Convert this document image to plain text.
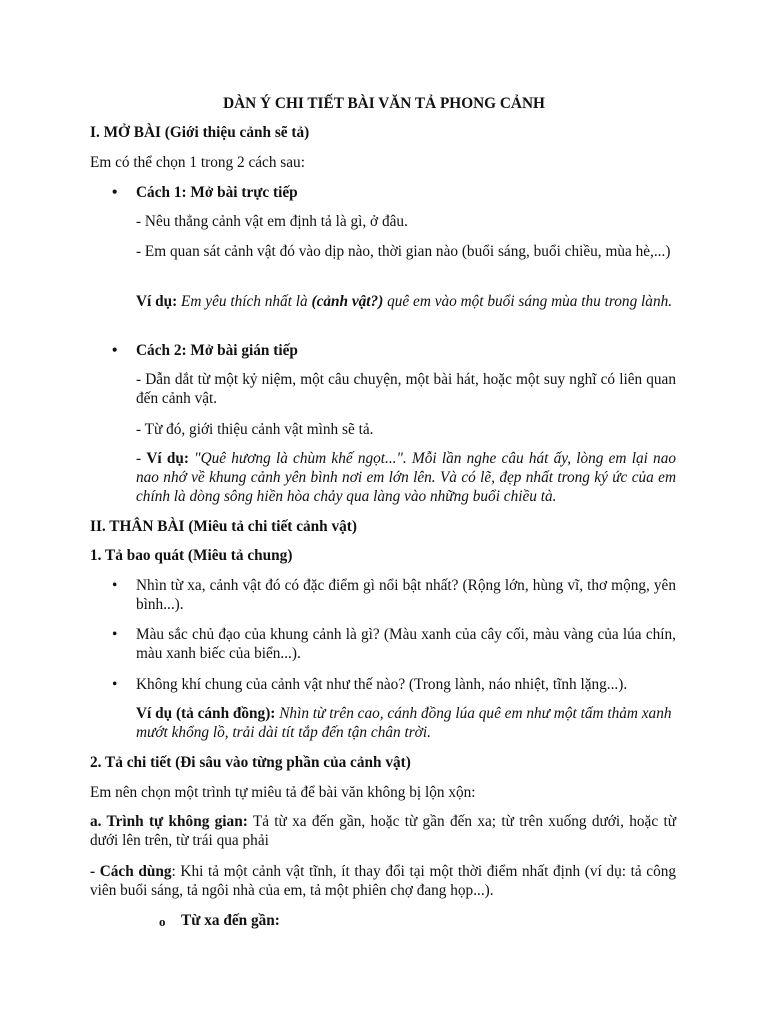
DÀN Ý CHI TIẾT BÀI VĂN TẢ PHONG CẢNH

I. MỞ BÀI (Giới thiệu cảnh sẽ tả)

Em có thể chọn 1 trong 2 cách sau:

• Cách 1: Mở bài trực tiếp

- Nêu thẳng cảnh vật em định tả là gì, ở đâu.

- Em quan sát cảnh vật đó vào dịp nào, thời gian nào (buổi sáng, buổi chiều, mùa hè,...)

Ví dụ: Em yêu thích nhất là (cảnh vật?) quê em vào một buổi sáng mùa thu trong lành.

• Cách 2: Mở bài gián tiếp

- Dẫn dắt từ một kỷ niệm, một câu chuyện, một bài hát, hoặc một suy nghĩ có liên quan đến cảnh vật.

- Từ đó, giới thiệu cảnh vật mình sẽ tả.

- Ví dụ: "Quê hương là chùm khế ngọt...". Mỗi lần nghe câu hát ấy, lòng em lại nao nao nhớ về khung cảnh yên bình nơi em lớn lên. Và có lẽ, đẹp nhất trong ký ức của em chính là dòng sông hiền hòa chảy qua làng vào những buổi chiều tà.

II. THÂN BÀI (Miêu tả chi tiết cảnh vật)

1. Tả bao quát (Miêu tả chung)

• Nhìn từ xa, cảnh vật đó có đặc điểm gì nổi bật nhất? (Rộng lớn, hùng vĩ, thơ mộng, yên bình...).

• Màu sắc chủ đạo của khung cảnh là gì? (Màu xanh của cây cối, màu vàng của lúa chín, màu xanh biếc của biển...).

• Không khí chung của cảnh vật như thế nào? (Trong lành, náo nhiệt, tĩnh lặng...).

Ví dụ (tả cánh đồng): Nhìn từ trên cao, cánh đồng lúa quê em như một tấm thảm xanh mướt khổng lồ, trải dài tít tắp đến tận chân trời.

2. Tả chi tiết (Đi sâu vào từng phần của cảnh vật)

Em nên chọn một trình tự miêu tả để bài văn không bị lộn xộn:

a. Trình tự không gian: Tả từ xa đến gần, hoặc từ gần đến xa; từ trên xuống dưới, hoặc từ dưới lên trên, từ trái qua phải

- Cách dùng: Khi tả một cảnh vật tĩnh, ít thay đổi tại một thời điểm nhất định (ví dụ: tả công viên buổi sáng, tả ngôi nhà của em, tả một phiên chợ đang họp...).

o Từ xa đến gần:
